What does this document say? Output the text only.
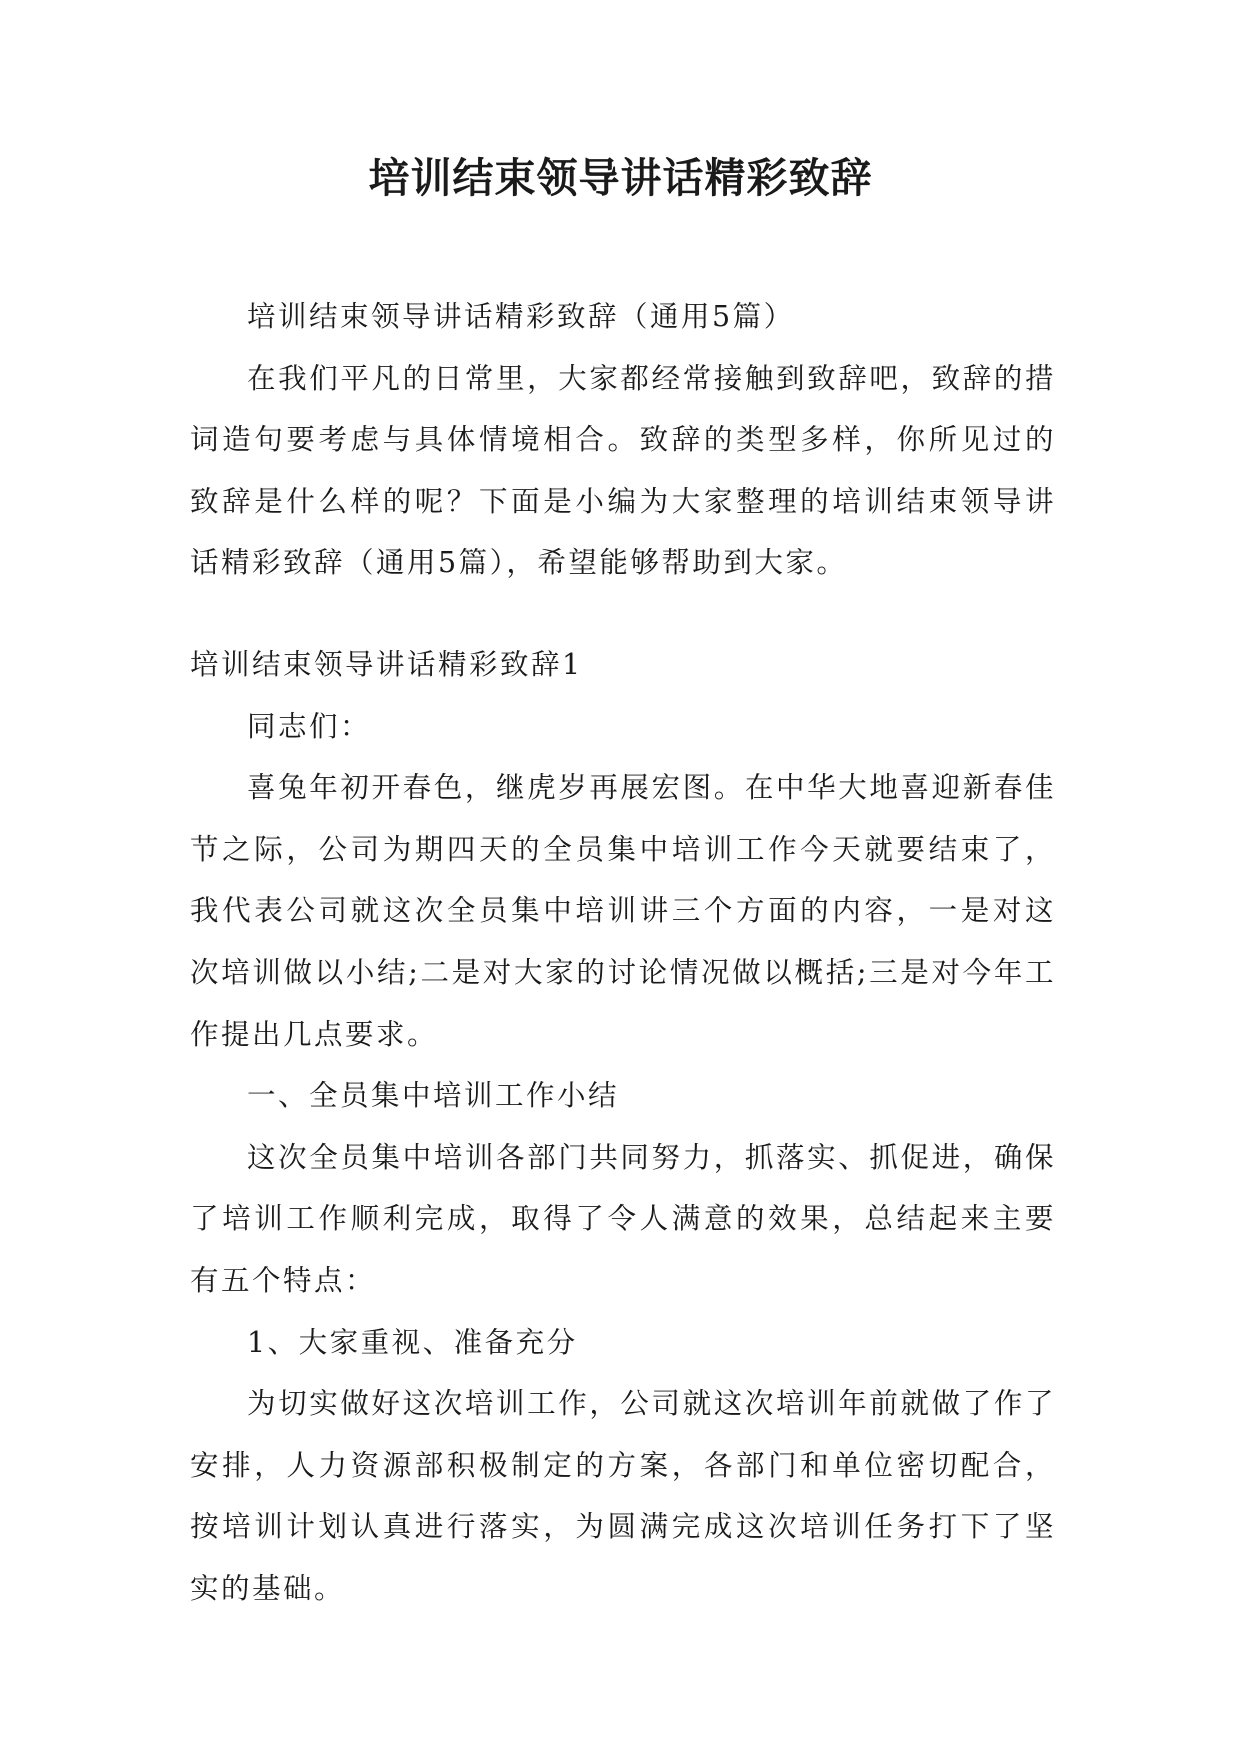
培训结束领导讲话精彩致辞

培训结束领导讲话精彩致辞（通用5篇）

在我们平凡的日常里，大家都经常接触到致辞吧，致辞的措词造句要考虑与具体情境相合。致辞的类型多样，你所见过的致辞是什么样的呢？下面是小编为大家整理的培训结束领导讲话精彩致辞（通用5篇），希望能够帮助到大家。

培训结束领导讲话精彩致辞1

同志们：

喜兔年初开春色，继虎岁再展宏图。在中华大地喜迎新春佳节之际，公司为期四天的全员集中培训工作今天就要结束了，我代表公司就这次全员集中培训讲三个方面的内容，一是对这次培训做以小结;二是对大家的讨论情况做以概括;三是对今年工作提出几点要求。

一、全员集中培训工作小结

这次全员集中培训各部门共同努力，抓落实、抓促进，确保了培训工作顺利完成，取得了令人满意的效果，总结起来主要有五个特点：

1、大家重视、准备充分

为切实做好这次培训工作，公司就这次培训年前就做了作了安排，人力资源部积极制定的方案，各部门和单位密切配合，按培训计划认真进行落实，为圆满完成这次培训任务打下了坚实的基础。
